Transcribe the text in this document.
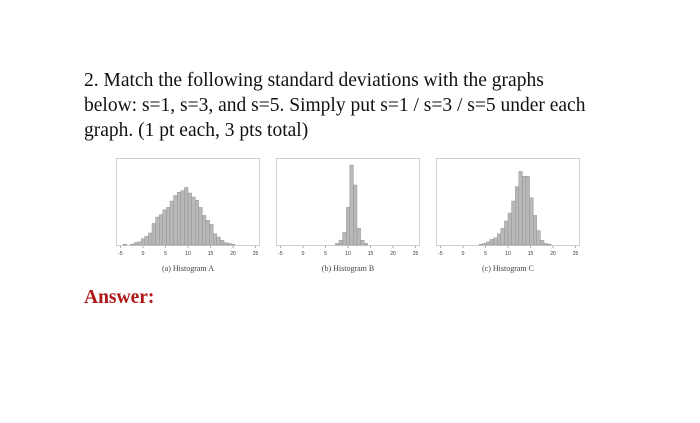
2. Match the following standard deviations with the graphs

below: s=1, s=3, and s=5. Simply put s=1 / s=3 / s=5 under each

graph. (1 pt each, 3 pts total)

-5	0	5	10	15	20	25
(a) Histogram A
-5	0	5	10	15	20	25
(b) Histogram B
-5	0	5	10	15	20	25
(c) Histogram C
Answer:
